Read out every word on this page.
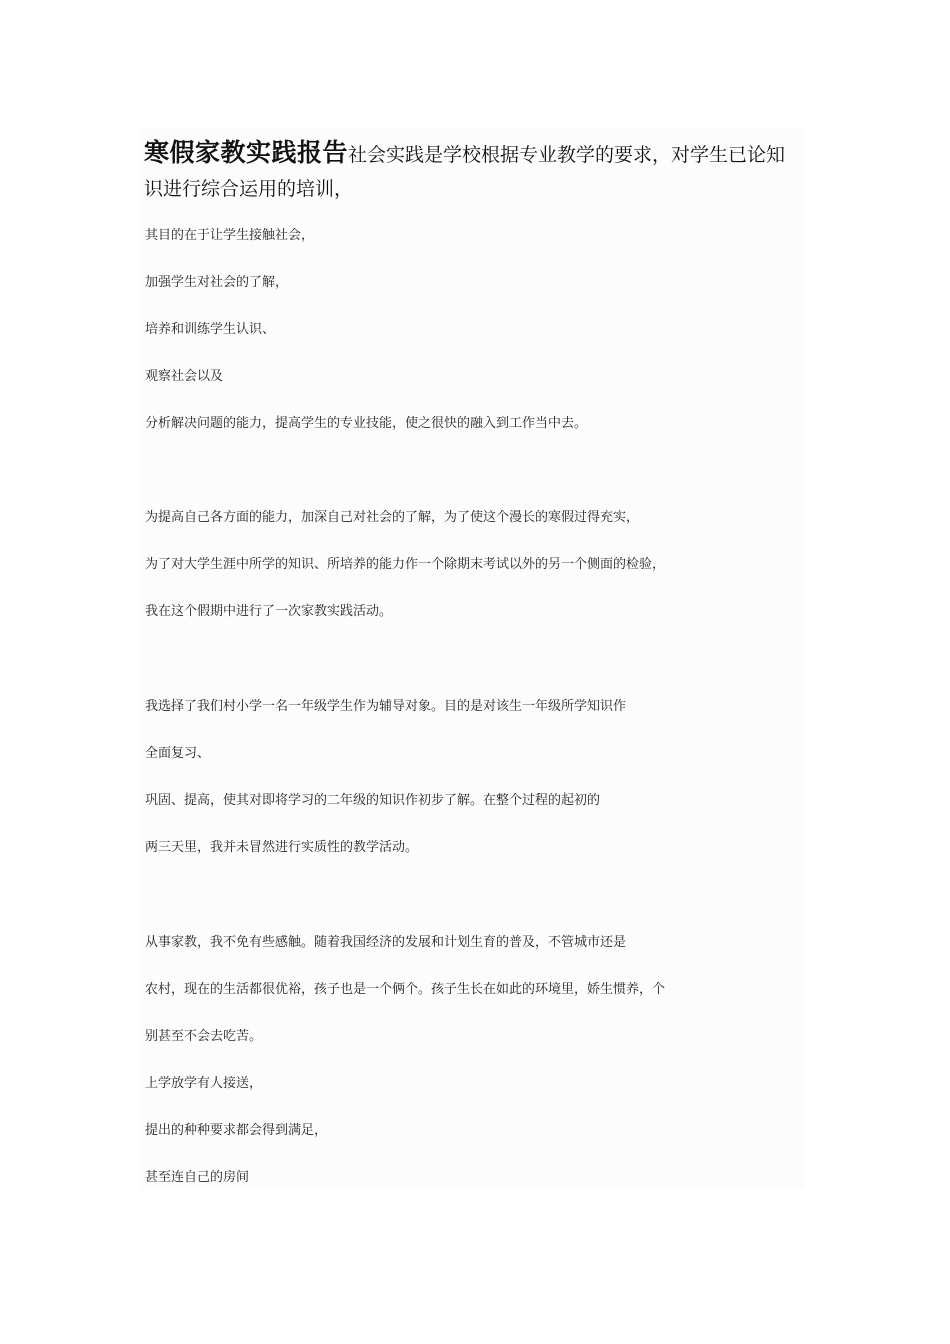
寒假家教实践报告社会实践是学校根据专业教学的要求，对学生已论知识进行综合运用的培训，

其目的在于让学生接触社会，

加强学生对社会的了解，

培养和训练学生认识、

观察社会以及

分析解决问题的能力，提高学生的专业技能，使之很快的融入到工作当中去。

为提高自己各方面的能力，加深自己对社会的了解，为了使这个漫长的寒假过得充实，

为了对大学生涯中所学的知识、所培养的能力作一个除期末考试以外的另一个侧面的检验，

我在这个假期中进行了一次家教实践活动。

我选择了我们村小学一名一年级学生作为辅导对象。目的是对该生一年级所学知识作

全面复习、

巩固、提高，使其对即将学习的二年级的知识作初步了解。在整个过程的起初的

两三天里，我并未冒然进行实质性的教学活动。

从事家教，我不免有些感触。随着我国经济的发展和计划生育的普及，不管城市还是

农村，现在的生活都很优裕，孩子也是一个俩个。孩子生长在如此的环境里，娇生惯养，个

别甚至不会去吃苦。

上学放学有人接送，

提出的种种要求都会得到满足，

甚至连自己的房间
